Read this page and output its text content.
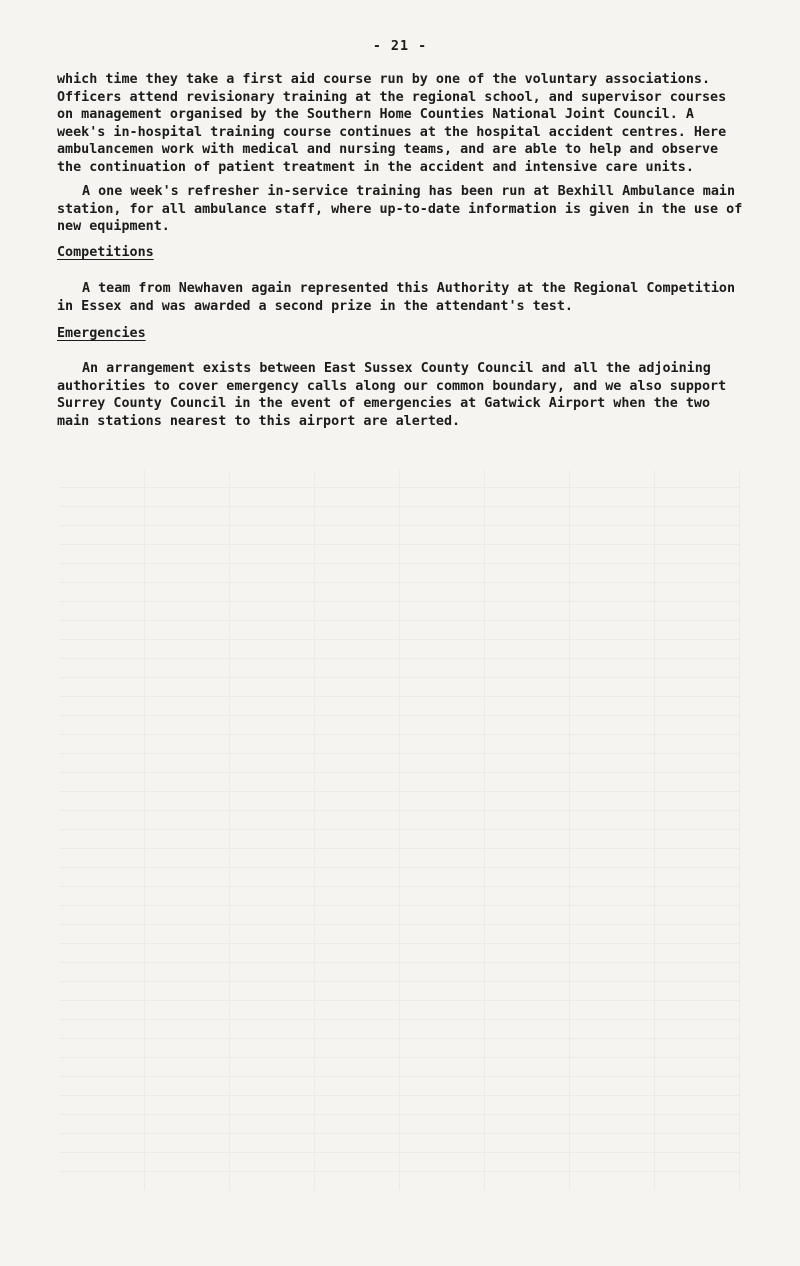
- 21 -

which time they take a first aid course run by one of the voluntary associations. Officers attend revisionary training at the regional school, and supervisor courses on management organised by the Southern Home Counties National Joint Council. A week's in-hospital training course continues at the hospital accident centres. Here ambulancemen work with medical and nursing teams, and are able to help and observe the continuation of patient treatment in the accident and intensive care units.

A one week's refresher in-service training has been run at Bexhill Ambulance main station, for all ambulance staff, where up-to-date information is given in the use of new equipment.

Competitions

A team from Newhaven again represented this Authority at the Regional Competition in Essex and was awarded a second prize in the attendant's test.

Emergencies

An arrangement exists between East Sussex County Council and all the adjoining authorities to cover emergency calls along our common boundary, and we also support Surrey County Council in the event of emergencies at Gatwick Airport when the two main stations nearest to this airport are alerted.
